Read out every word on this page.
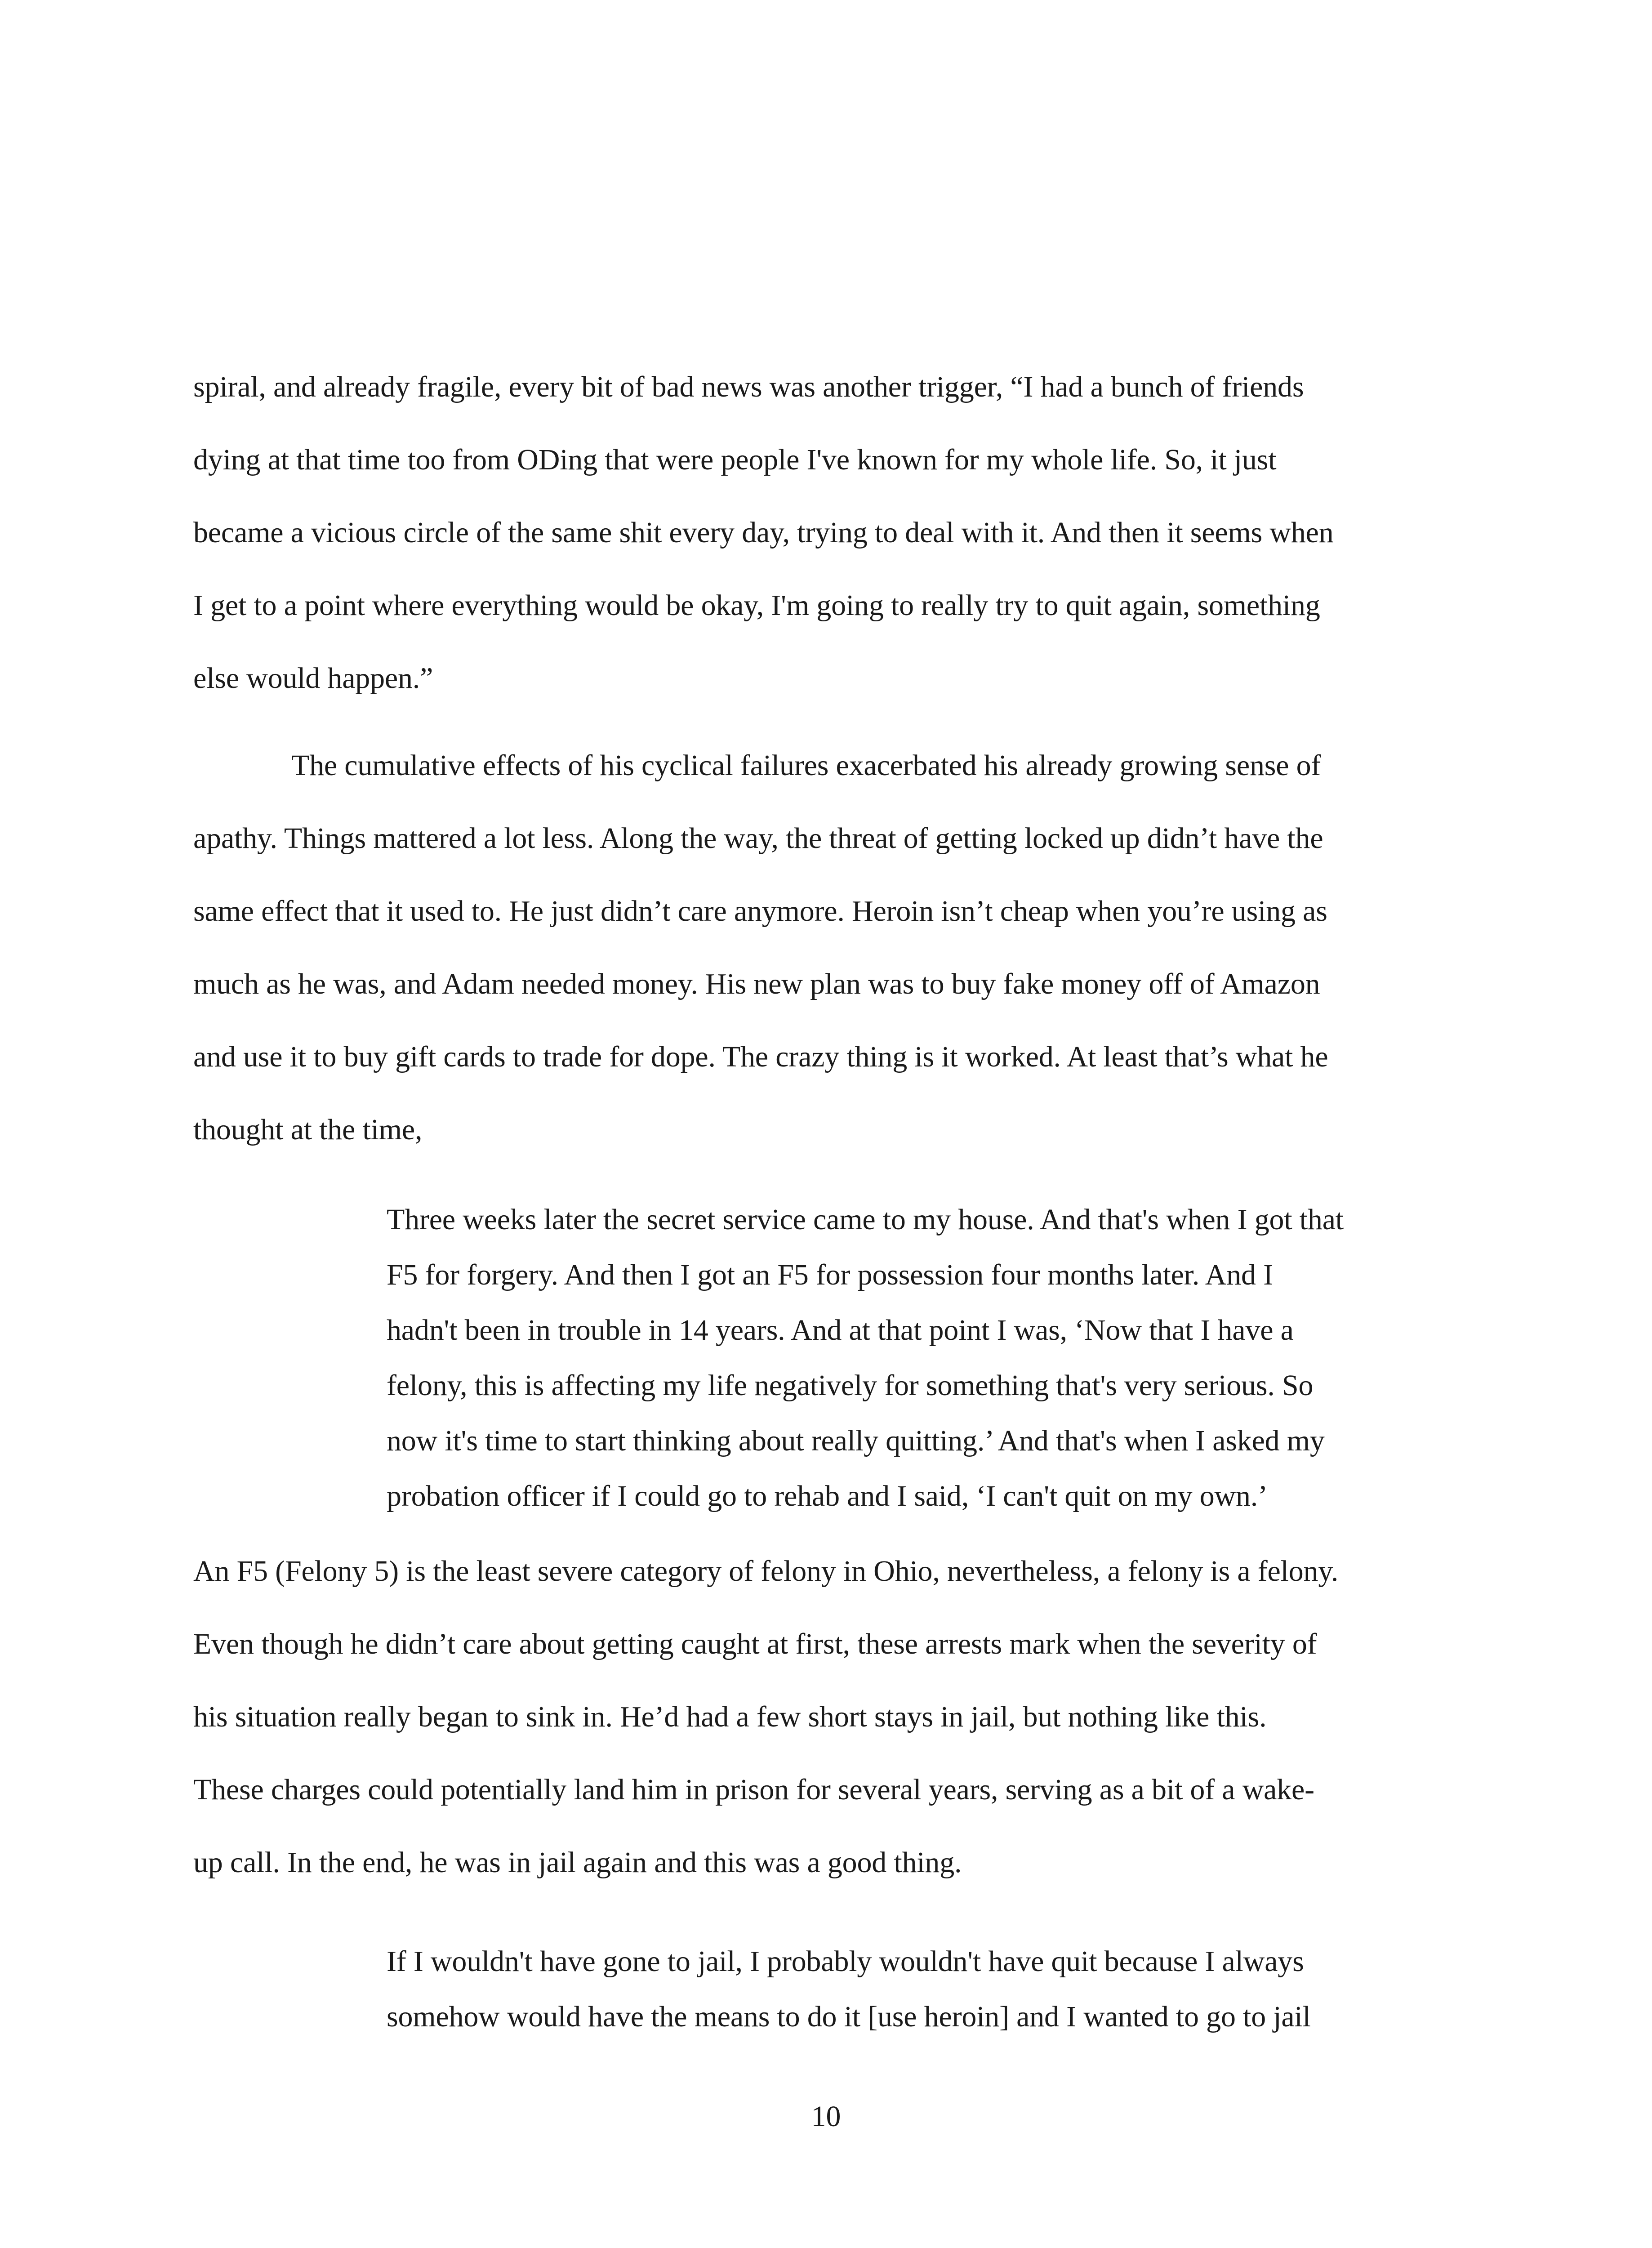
spiral, and already fragile, every bit of bad news was another trigger, “I had a bunch of friends
dying at that time too from ODing that were people I've known for my whole life. So, it just
became a vicious circle of the same shit every day, trying to deal with it. And then it seems when
I get to a point where everything would be okay, I'm going to really try to quit again, something
else would happen.”
The cumulative effects of his cyclical failures exacerbated his already growing sense of
apathy. Things mattered a lot less. Along the way, the threat of getting locked up didn’t have the
same effect that it used to. He just didn’t care anymore. Heroin isn’t cheap when you’re using as
much as he was, and Adam needed money. His new plan was to buy fake money off of Amazon
and use it to buy gift cards to trade for dope. The crazy thing is it worked. At least that’s what he
thought at the time,
Three weeks later the secret service came to my house. And that's when I got that
F5 for forgery. And then I got an F5 for possession four months later. And I
hadn't been in trouble in 14 years. And at that point I was, ‘Now that I have a
felony, this is affecting my life negatively for something that's very serious. So
now it's time to start thinking about really quitting.’ And that's when I asked my
probation officer if I could go to rehab and I said, ‘I can't quit on my own.’
An F5 (Felony 5) is the least severe category of felony in Ohio, nevertheless, a felony is a felony.
Even though he didn’t care about getting caught at first, these arrests mark when the severity of
his situation really began to sink in. He’d had a few short stays in jail, but nothing like this.
These charges could potentially land him in prison for several years, serving as a bit of a wake-
up call. In the end, he was in jail again and this was a good thing.
If I wouldn't have gone to jail, I probably wouldn't have quit because I always
somehow would have the means to do it [use heroin] and I wanted to go to jail
10
